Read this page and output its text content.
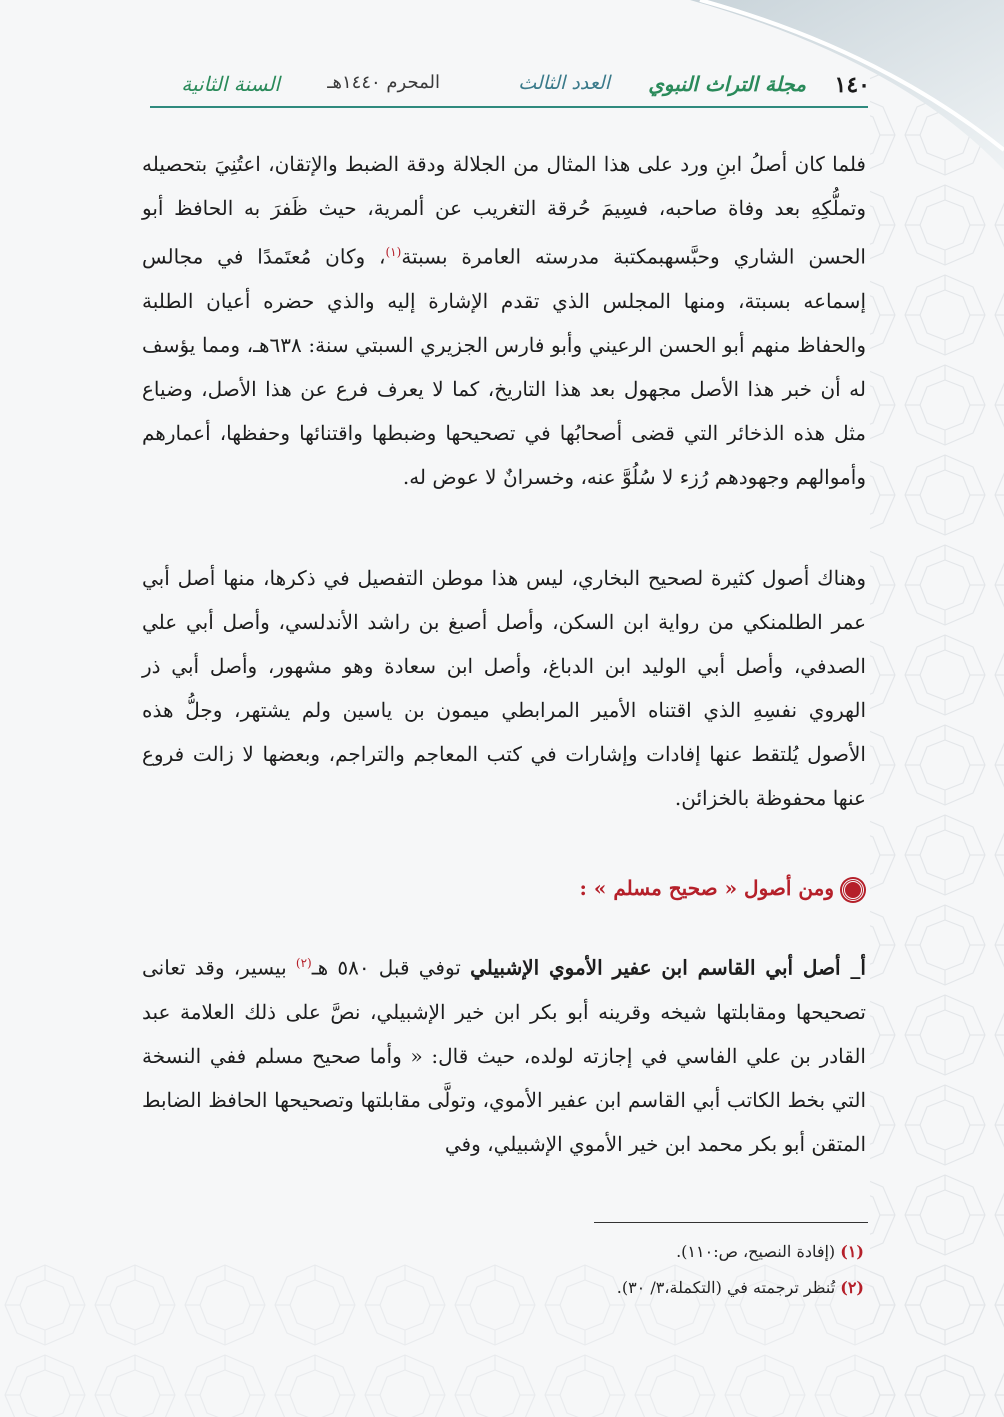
١٤٠
مجلة التراث النبوي
العدد الثالث
المحرم ١٤٤٠هـ
السنة الثانية

فلما كان أصلُ ابنِ ورد على هذا المثال من الجلالة ودقة الضبط والإتقان، اعتُنِيَ بتحصيله وتملُّكِهِ بعد وفاة صاحبه، فسِيمَ حُرقة التغريب عن ألمرية، حيث ظَفرَ به الحافظ أبو الحسن الشاري وحبَّسهبمكتبة مدرسته العامرة بسبتة$^{(١)}$، وكان مُعتَمدًا في مجالس إسماعه بسبتة، ومنها المجلس الذي تقدم الإشارة إليه والذي حضره أعيان الطلبة والحفاظ منهم أبو الحسن الرعيني وأبو فارس الجزيري السبتي سنة: ٦٣٨هـ، ومما يؤسف له أن خبر هذا الأصل مجهول بعد هذا التاريخ، كما لا يعرف فرع عن هذا الأصل، وضياع مثل هذه الذخائر التي قضى أصحابُها في تصحيحها وضبطها واقتنائها وحفظها، أعمارهم وأموالهم وجهودهم رُزء لا سُلُوَّ عنه، وخسرانٌ لا عوض له.

وهناك أصول كثيرة لصحيح البخاري، ليس هذا موطن التفصيل في ذكرها، منها أصل أبي عمر الطلمنكي من رواية ابن السكن، وأصل أصبغ بن راشد الأندلسي، وأصل أبي علي الصدفي، وأصل أبي الوليد ابن الدباغ، وأصل ابن سعادة وهو مشهور، وأصل أبي ذر الهروي نفسِهِ الذي اقتناه الأمير المرابطي ميمون بن ياسين ولم يشتهر، وجلُّ هذه الأصول يُلتقط عنها إفادات وإشارات في كتب المعاجم والتراجم، وبعضها لا زالت فروع عنها محفوظة بالخزائن.

ومن أصول « صحيح مسلم » :

أ_ أصل أبي القاسم ابن عفير الأموي الإشبيلي توفي قبل ٥٨٠ هـ$^{(٢)}$ بيسير، وقد تعانى تصحيحها ومقابلتها شيخه وقرينه أبو بكر ابن خير الإشبيلي، نصَّ على ذلك العلامة عبد القادر بن علي الفاسي في إجازته لولده، حيث قال: « وأما صحيح مسلم ففي النسخة التي بخط الكاتب أبي القاسم ابن عفير الأموي، وتولَّى مقابلتها وتصحيحها الحافظ الضابط المتقن أبو بكر محمد ابن خير الأموي الإشبيلي، وفي

(١) (إفادة النصيح، ص:١١٠).
(٢) تُنظر ترجمته في (التكملة،٣/ ٣٠).
